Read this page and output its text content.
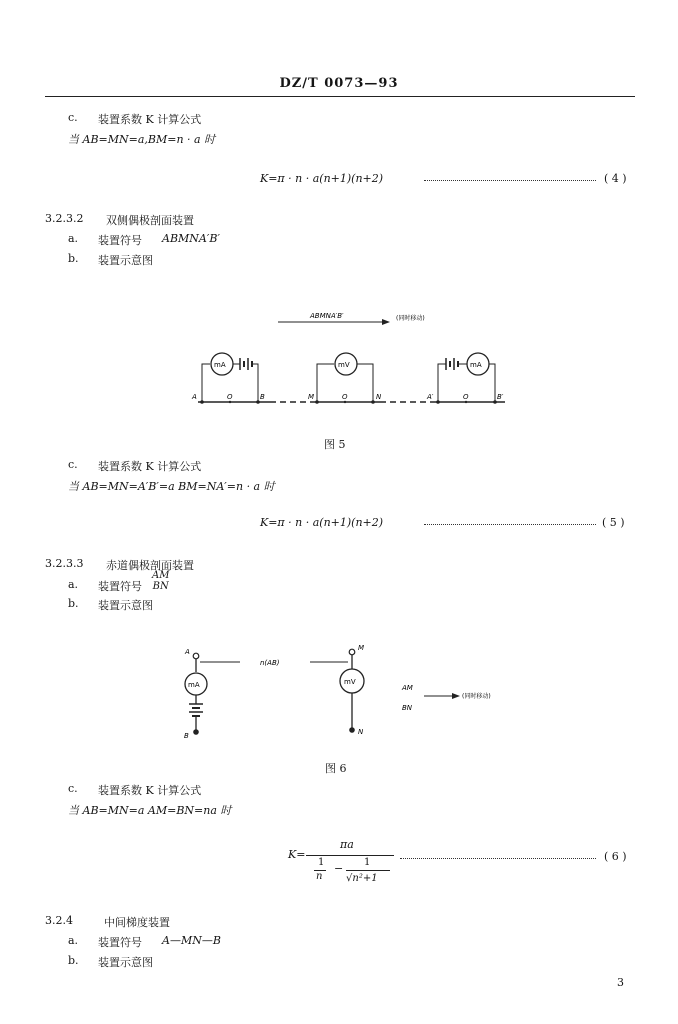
DZ/T 0073—93
c. 装置系数 K 计算公式
当 AB=MN=a,BM=n · a 时
K=π · n · a(n+1)(n+2)	( 4 )
3.2.3.2 双侧偶极剖面装置
a. 装置符号 ABMNA′B′
b. 装置示意图
ABMNA′B′	(同时移动)
mA
A	O	B
mV
M	O	N
mA
A′	O	B′
图 5
c. 装置系数 K 计算公式
当 AB=MN=A′B′=a BM=NA′=n · a 时
K=π · n · a(n+1)(n+2)	( 5 )
3.2.3.3 赤道偶极剖面装置
a. 装置符号
AM
BN
b. 装置示意图
A
mA
B
n(AB)
M
mV
N
AM
BN
(同时移动)
图 6
c. 装置系数 K 计算公式
当 AB=MN=a AM=BN=na 时
K=
πa
1
n
− 1
√n²+1
( 6 )
3.2.4	中间梯度装置
a. 装置符号 A—MN—B
b. 装置示意图
3
